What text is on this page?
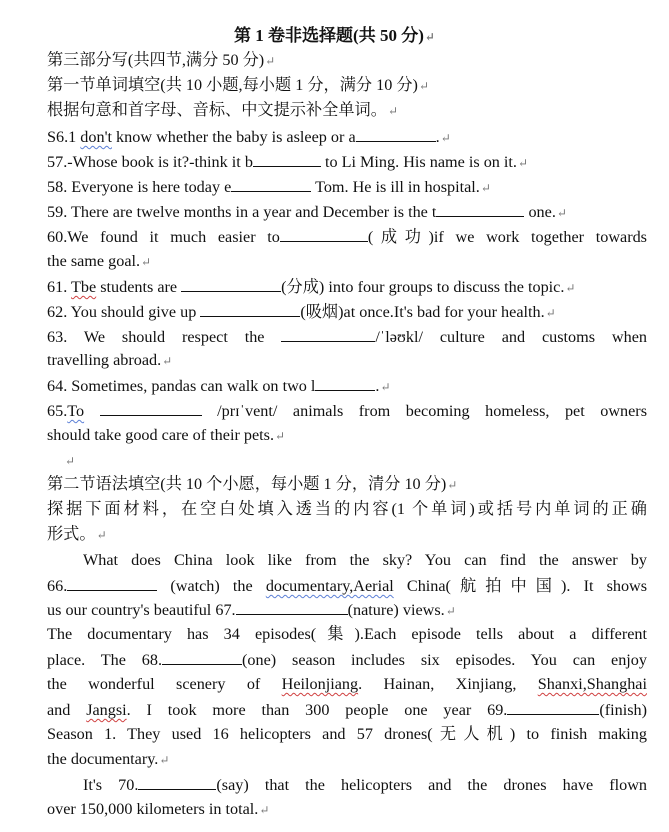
第 1 卷非选择题(共 50 分)↵
第三部分写(共四节,满分 50 分)↵
第一节单词填空(共 10 小题,每小题 1 分，满分 10 分)↵
根据句意和首字母、音标、中文提示补全单词。↵
S6.1 don't know whether the baby is asleep or a	.↵
57.-Whose book is it?-think it b	to Li Ming. His name is on it.↵
58. Everyone is here today e	Tom. He is ill in hospital.↵
59. There are twelve months in a year and December is the t	one.↵
60.We found it much easier to	(成功)if we work together towards
the same goal.↵
61. Tbe students are	(分成) into four groups to discuss the topic.↵
62. You should give up	(吸烟)at once.It's bad for your health.↵
63. We should respect the	/ˈləʊkl/ culture and customs when
travelling abroad.↵
64. Sometimes, pandas can walk on two l	.↵
65.To	/prɪˈvent/ animals from becoming homeless, pet owners
should take good care of their pets.↵
↵
第二节语法填空(共 10 个小愿，每小题 1 分，清分 10 分)↵
探据下面材料，在空白处填入透当的内容(1 个单词)或括号内单词的正确
形式。↵
What does China look like from the sky? You can find the answer by
66.	(watch) the documentary,Aerial China(航拍中国). It shows
us our country's beautiful 67.	(nature) views.↵
The documentary has 34 episodes(集).Each episode tells about a different
place. The 68.	(one) season includes six episodes. You can enjoy
the wonderful scenery of Heilonjiang. Hainan, Xinjiang, Shanxi,Shanghai
and Jangsi. I took more than 300 people one year 69.	(finish)
Season 1. They used 16 helicopters and 57 drones(无人机) to finish making
the documentary.↵
It's 70.	(say) that the helicopters and the drones have flown
over 150,000 kilometers in total.↵
